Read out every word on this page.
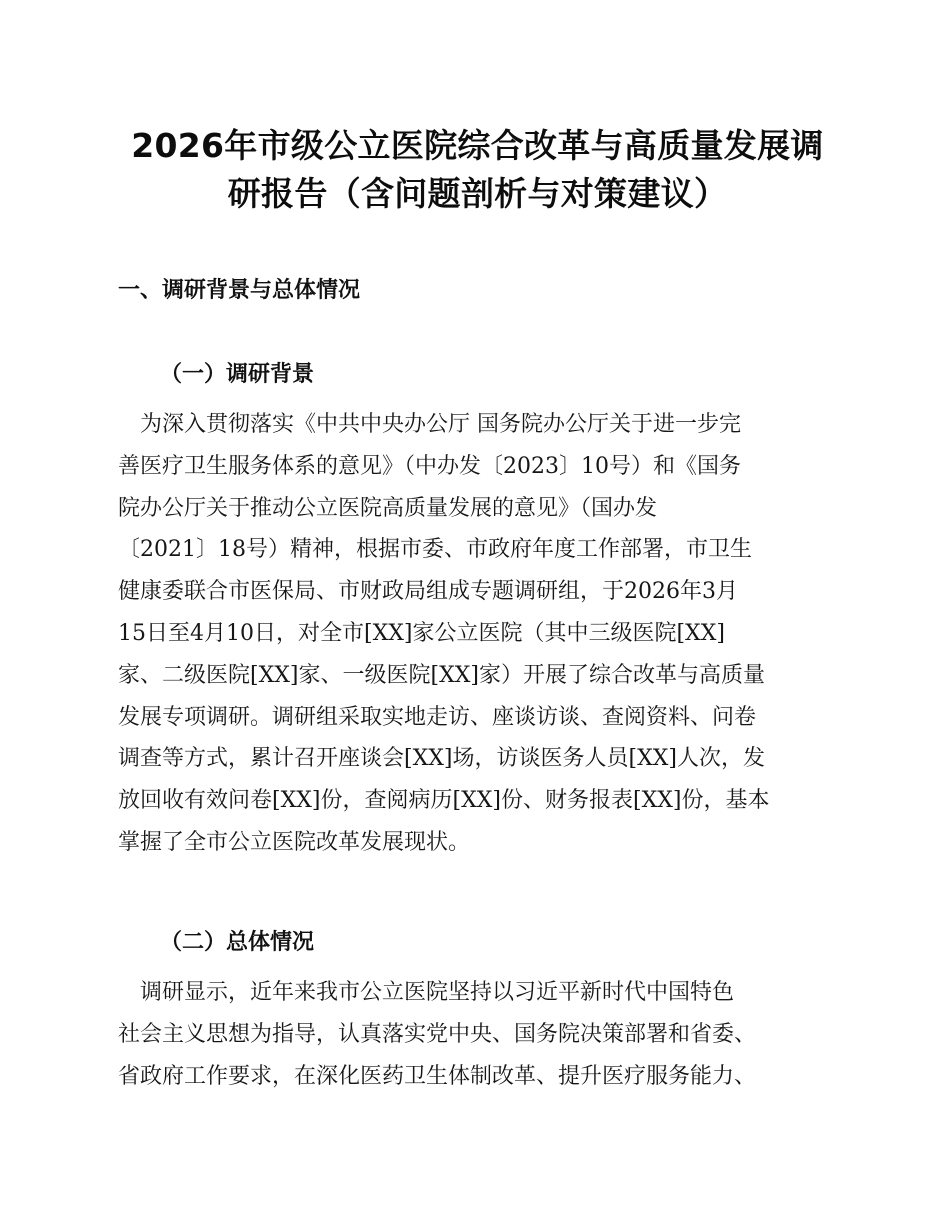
2026年市级公立医院综合改革与高质量发展调
研报告（含问题剖析与对策建议）
一、调研背景与总体情况
（一）调研背景
　为深入贯彻落实《中共中央办公厅 国务院办公厅关于进一步完
善医疗卫生服务体系的意见》（中办发〔2023〕10号）和《国务
院办公厅关于推动公立医院高质量发展的意见》（国办发
〔2021〕18号）精神，根据市委、市政府年度工作部署，市卫生
健康委联合市医保局、市财政局组成专题调研组，于2026年3月
15日至4月10日，对全市[XX]家公立医院（其中三级医院[XX]
家、二级医院[XX]家、一级医院[XX]家）开展了综合改革与高质量
发展专项调研。调研组采取实地走访、座谈访谈、查阅资料、问卷
调查等方式，累计召开座谈会[XX]场，访谈医务人员[XX]人次，发
放回收有效问卷[XX]份，查阅病历[XX]份、财务报表[XX]份，基本
掌握了全市公立医院改革发展现状。
（二）总体情况
　调研显示，近年来我市公立医院坚持以习近平新时代中国特色
社会主义思想为指导，认真落实党中央、国务院决策部署和省委、
省政府工作要求，在深化医药卫生体制改革、提升医疗服务能力、
